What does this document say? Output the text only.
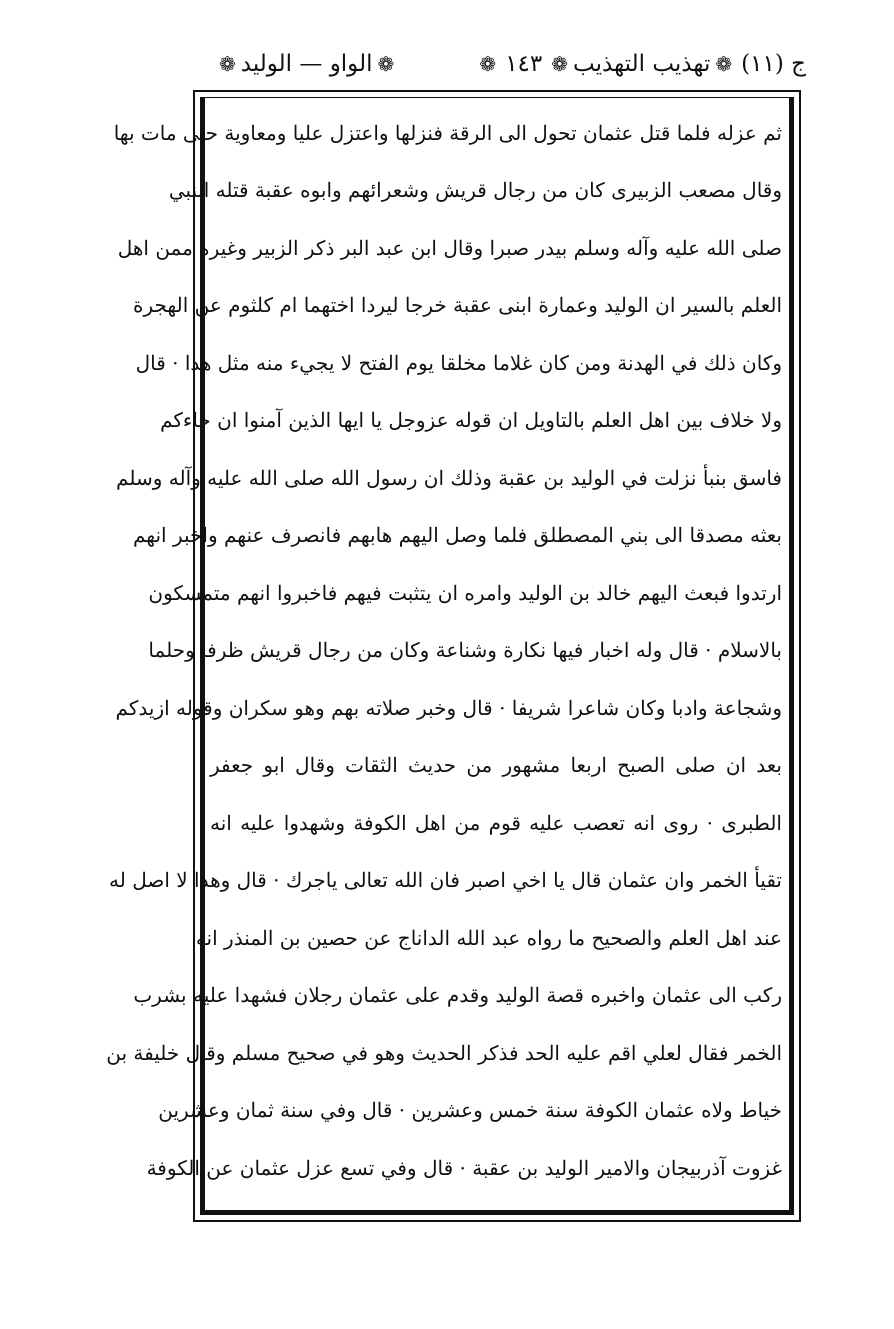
ج (١١)
❁
تهذيب التهذيب
❁
١٤٣
❁
❁
الواو — الوليد
❁
ثم عزله فلما قتل عثمان تحول الى الرقة فنزلها واعتزل عليا ومعاوية حتى مات بها
وقال مصعب الزبيرى كان من رجال قريش وشعرائهم وابوه عقبة قتله النبي
صلى الله عليه وآله وسلم بيدر صبرا وقال ابن عبد البر ذكر الزبير وغيره ممن اهل
العلم بالسير ان الوليد وعمارة ابنى عقبة خرجا ليردا اختهما ام كلثوم عن الهجرة
وكان ذلك في الهدنة ومن كان غلاما مخلقا يوم الفتح لا يجيء منه مثل هذا · قال
ولا خلاف بين اهل العلم بالتاويل ان قوله عزوجل يا ايها الذين آمنوا ان جاءكم
فاسق بنبأ نزلت في الوليد بن عقبة وذلك ان رسول الله صلى الله عليه وآله وسلم
بعثه مصدقا الى بني المصطلق فلما وصل اليهم هابهم فانصرف عنهم واخبر انهم
ارتدوا فبعث اليهم خالد بن الوليد وامره ان يتثبت فيهم فاخبروا انهم متمسكون
بالاسلام · قال وله اخبار فيها نكارة وشناعة وكان من رجال قريش ظرفا وحلما
وشجاعة وادبا وكان شاعرا شريفا · قال وخبر صلاته بهم وهو سكران وقوله ازيدكم
بعد ان صلى الصبح اربعا مشهور من حديث الثقات وقال ابو جعفر
الطبرى · روى انه تعصب عليه قوم من اهل الكوفة وشهدوا عليه انه
تقيأ الخمر وان عثمان قال يا اخي اصبر فان الله تعالى ياجرك · قال وهذا لا اصل له
عند اهل العلم والصحيح ما رواه عبد الله الداناج عن حصين بن المنذر انه
ركب الى عثمان واخبره قصة الوليد وقدم على عثمان رجلان فشهدا عليه بشرب
الخمر فقال لعلي اقم عليه الحد فذكر الحديث وهو في صحيح مسلم وقال خليفة بن
خياط ولاه عثمان الكوفة سنة خمس وعشرين · قال وفي سنة ثمان وعشرين
غزوت آذربيجان والامير الوليد بن عقبة · قال وفي تسع عزل عثمان عن الكوفة
